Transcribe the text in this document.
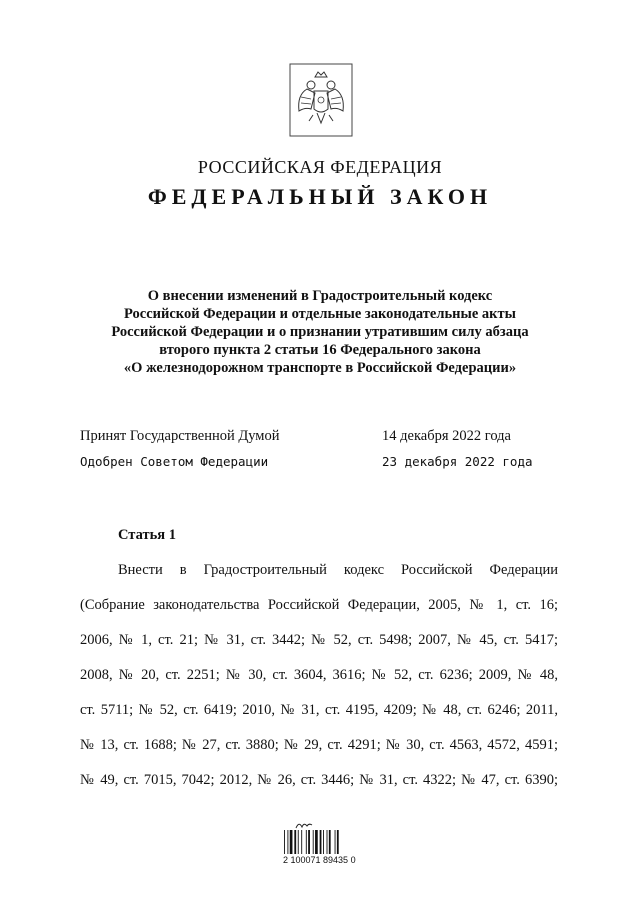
РОССИЙСКАЯ ФЕДЕРАЦИЯ
ФЕДЕРАЛЬНЫЙ ЗАКОН
О внесении изменений в Градостроительный кодекс
Российской Федерации и отдельные законодательные акты
Российской Федерации и о признании утратившим силу абзаца
второго пункта 2 статьи 16 Федерального закона
«О железнодорожном транспорте в Российской Федерации»
Принят Государственной Думой	14 декабря 2022 года
Одобрен Советом Федерации	23 декабря 2022 года
Статья 1
Внести в Градостроительный кодекс Российской Федерации
(Собрание законодательства Российской Федерации, 2005, № 1, ст. 16;
2006, № 1, ст. 21; № 31, ст. 3442; № 52, ст. 5498; 2007, № 45, ст. 5417;
2008, № 20, ст. 2251; № 30, ст. 3604, 3616; № 52, ст. 6236; 2009, № 48,
ст. 5711; № 52, ст. 6419; 2010, № 31, ст. 4195, 4209; № 48, ст. 6246; 2011,
№ 13, ст. 1688; № 27, ст. 3880; № 29, ст. 4291; № 30, ст. 4563, 4572, 4591;
№ 49, ст. 7015, 7042; 2012, № 26, ст. 3446; № 31, ст. 4322; № 47, ст. 6390;
2 100071 89435 0
